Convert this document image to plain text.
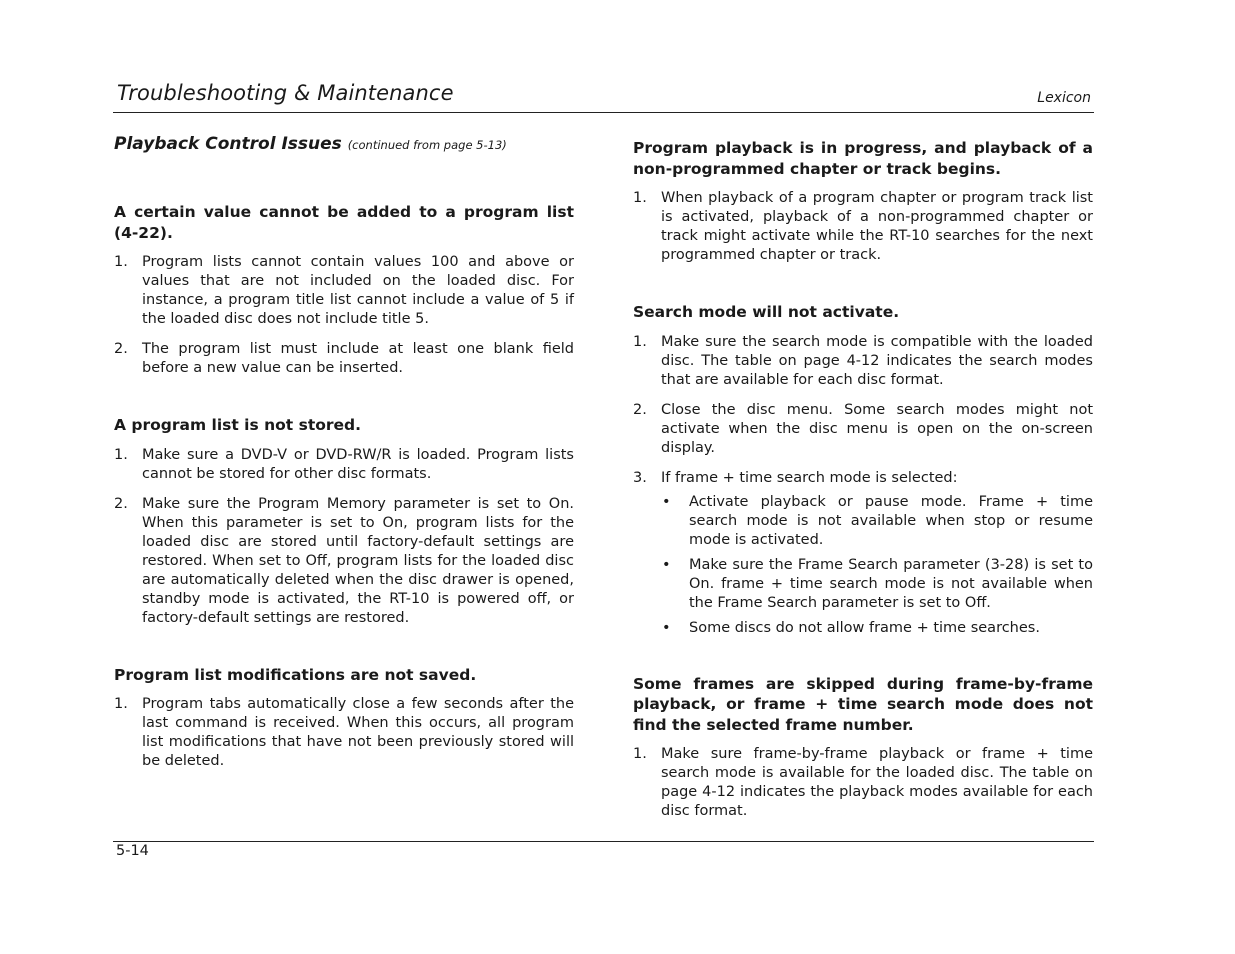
Troubleshooting & Maintenance	Lexicon
Playback Control Issues (continued from page 5-13)

A certain value cannot be added to a program list (4-22).

1. Program lists cannot contain values 100 and above or values that are not included on the loaded disc. For instance, a program title list cannot include a value of 5 if the loaded disc does not include title 5.
2. The program list must include at least one blank field before a new value can be inserted.

A program list is not stored.

1. Make sure a DVD-V or DVD-RW/R is loaded. Program lists cannot be stored for other disc formats.
2. Make sure the Program Memory parameter is set to On. When this parameter is set to On, program lists for the loaded disc are stored until factory-default settings are restored. When set to Off, program lists for the loaded disc are automatically deleted when the disc drawer is opened, standby mode is activated, the RT-10 is powered off, or factory-default settings are restored.

Program list modifications are not saved.

1. Program tabs automatically close a few seconds after the last command is received. When this occurs, all program list modifications that have not been previously stored will be deleted.

Program playback is in progress, and playback of a non-programmed chapter or track begins.

1. When playback of a program chapter or program track list is activated, playback of a non-programmed chapter or track might activate while the RT-10 searches for the next programmed chapter or track.

Search mode will not activate.

1. Make sure the search mode is compatible with the loaded disc. The table on page 4-12 indicates the search modes that are available for each disc format.
2. Close the disc menu. Some search modes might not activate when the disc menu is open on the on-screen display.
3. If frame + time search mode is selected:
• Activate playback or pause mode. Frame + time search mode is not available when stop or resume mode is activated.
• Make sure the Frame Search parameter (3-28) is set to On. frame + time search mode is not available when the Frame Search parameter is set to Off.
• Some discs do not allow frame + time searches.

Some frames are skipped during frame-by-frame playback, or frame + time search mode does not find the selected frame number.

1. Make sure frame-by-frame playback or frame + time search mode is available for the loaded disc. The table on page 4-12 indicates the playback modes available for each disc format.
5-14
